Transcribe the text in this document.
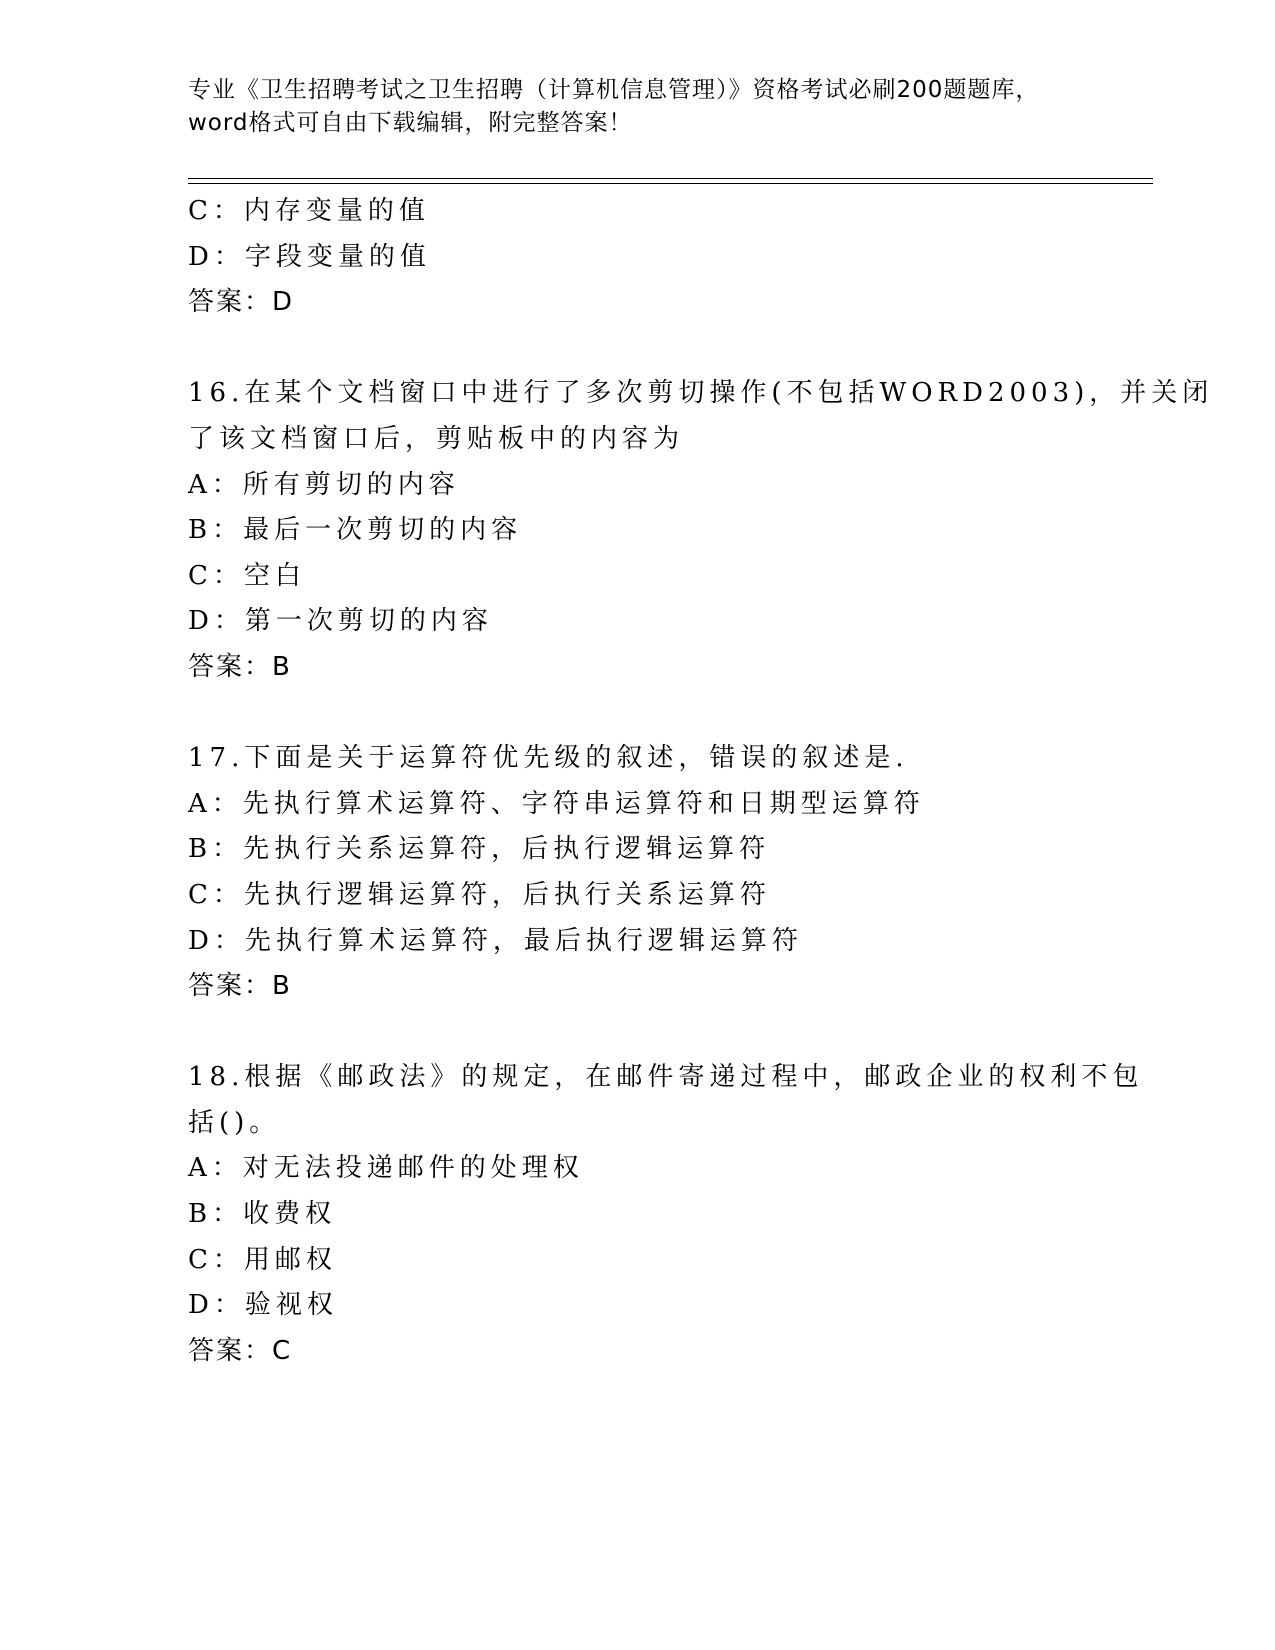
专业《卫生招聘考试之卫生招聘（计算机信息管理）》资格考试必刷200题题库，
word格式可自由下载编辑，附完整答案！
C：内存变量的值
D：字段变量的值
答案：D
16.在某个文档窗口中进行了多次剪切操作(不包括WORD2003)，并关闭
了该文档窗口后，剪贴板中的内容为
A：所有剪切的内容
B：最后一次剪切的内容
C：空白
D：第一次剪切的内容
答案：B
17.下面是关于运算符优先级的叙述，错误的叙述是.
A：先执行算术运算符、字符串运算符和日期型运算符
B：先执行关系运算符，后执行逻辑运算符
C：先执行逻辑运算符，后执行关系运算符
D：先执行算术运算符，最后执行逻辑运算符
答案：B
18.根据《邮政法》的规定，在邮件寄递过程中，邮政企业的权利不包
括()。
A：对无法投递邮件的处理权
B：收费权
C：用邮权
D：验视权
答案：C
